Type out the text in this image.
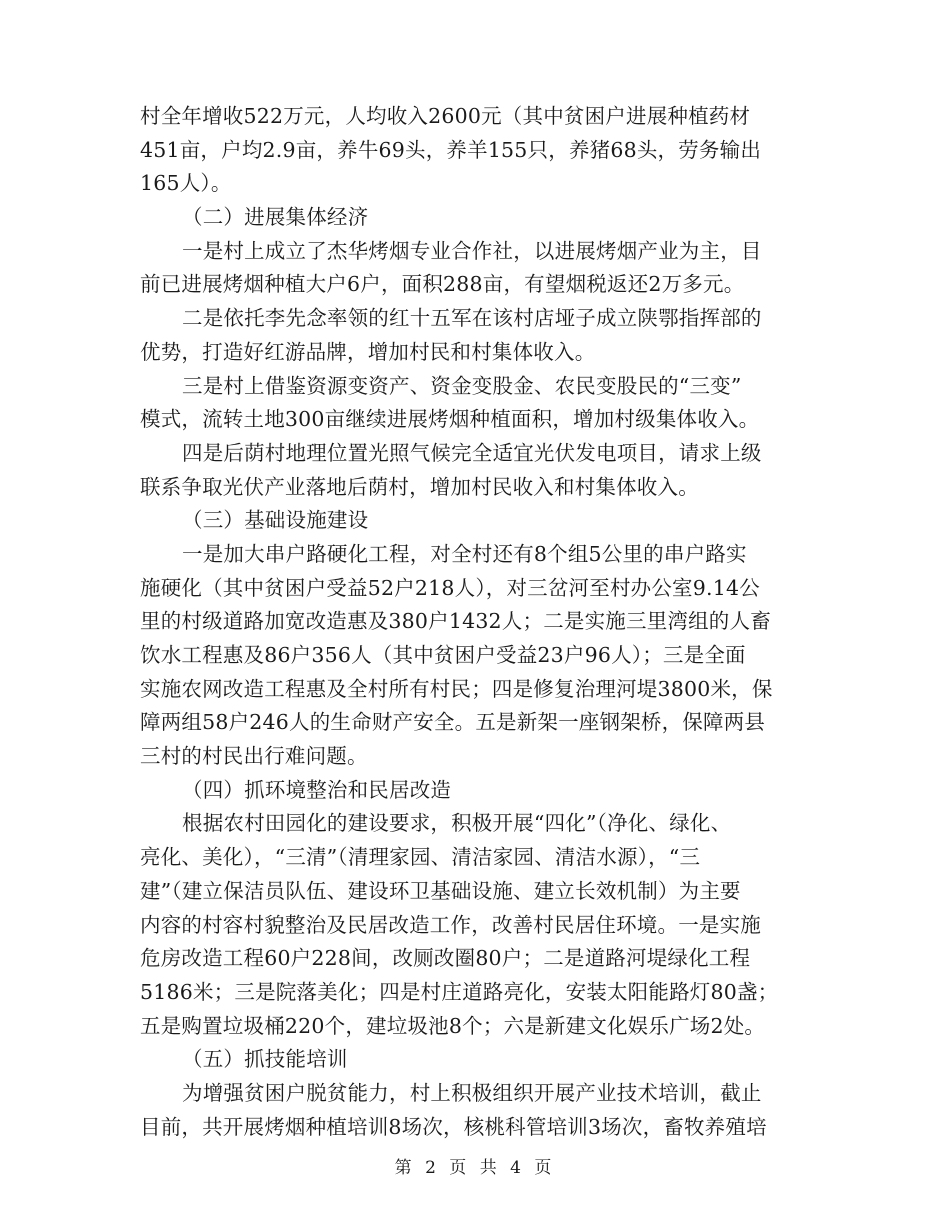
村全年增收522万元，人均收入2600元（其中贫困户进展种植药材
451亩，户均2.9亩，养牛69头，养羊155只，养猪68头，劳务输出
165人）。
（二）进展集体经济
一是村上成立了杰华烤烟专业合作社，以进展烤烟产业为主，目
前已进展烤烟种植大户6户，面积288亩，有望烟税返还2万多元。
二是依托李先念率领的红十五军在该村店垭子成立陕鄂指挥部的
优势，打造好红游品牌，增加村民和村集体收入。
三是村上借鉴资源变资产、资金变股金、农民变股民的“三变”
模式，流转土地300亩继续进展烤烟种植面积，增加村级集体收入。
四是后荫村地理位置光照气候完全适宜光伏发电项目，请求上级
联系争取光伏产业落地后荫村，增加村民收入和村集体收入。
（三）基础设施建设
一是加大串户路硬化工程，对全村还有8个组5公里的串户路实
施硬化（其中贫困户受益52户218人），对三岔河至村办公室9.14公
里的村级道路加宽改造惠及380户1432人；二是实施三里湾组的人畜
饮水工程惠及86户356人（其中贫困户受益23户96人）；三是全面
实施农网改造工程惠及全村所有村民；四是修复治理河堤3800米，保
障两组58户246人的生命财产安全。五是新架一座钢架桥，保障两县
三村的村民出行难问题。
（四）抓环境整治和民居改造
根据农村田园化的建设要求，积极开展“四化”（净化、绿化、
亮化、美化），“三清”（清理家园、清洁家园、清洁水源），“三
建”（建立保洁员队伍、建设环卫基础设施、建立长效机制）为主要
内容的村容村貌整治及民居改造工作，改善村民居住环境。一是实施
危房改造工程60户228间，改厕改圈80户；二是道路河堤绿化工程
5186米；三是院落美化；四是村庄道路亮化，安装太阳能路灯80盏；
五是购置垃圾桶220个，建垃圾池8个；六是新建文化娱乐广场2处。
（五）抓技能培训
为增强贫困户脱贫能力，村上积极组织开展产业技术培训，截止
目前，共开展烤烟种植培训8场次，核桃科管培训3场次，畜牧养殖培
第 2 页 共 4 页
